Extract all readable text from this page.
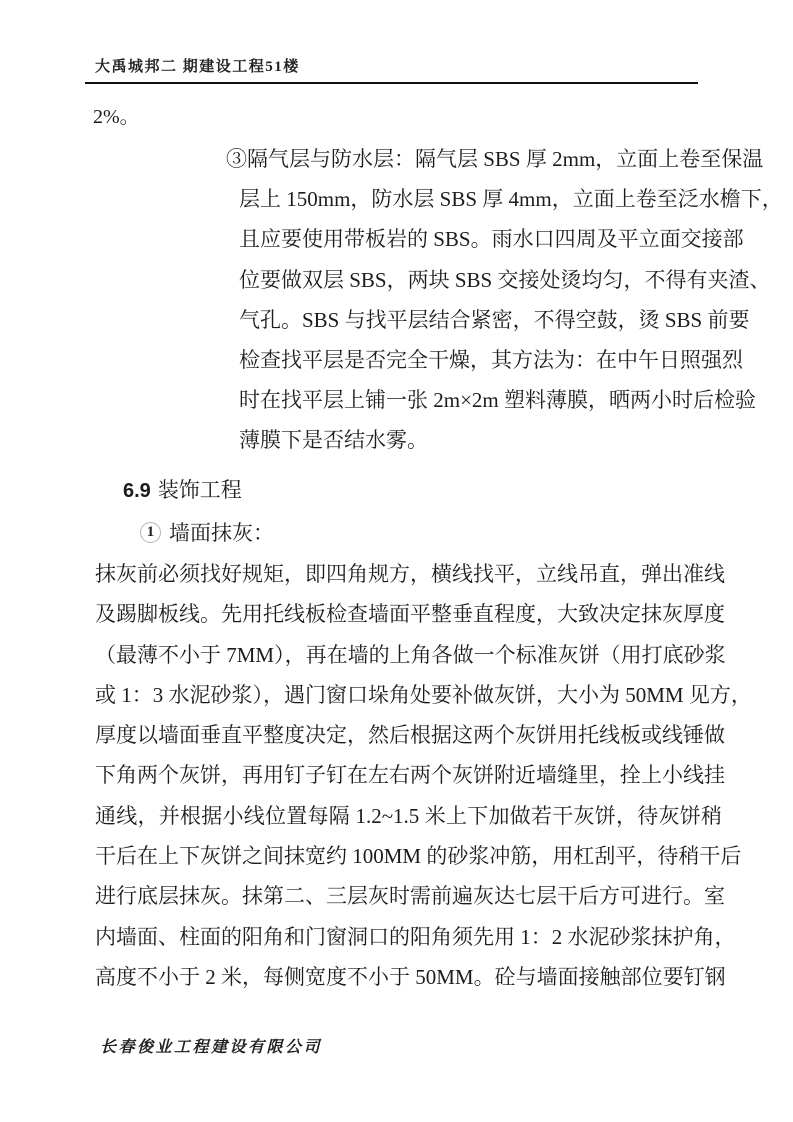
大禹城邦二 期建设工程51楼
2%。
③隔气层与防水层：隔气层 SBS 厚 2mm，立面上卷至保温
层上 150mm，防水层 SBS 厚 4mm，立面上卷至泛水檐下，
且应要使用带板岩的 SBS。雨水口四周及平立面交接部
位要做双层 SBS，两块 SBS 交接处烫均匀，不得有夹渣、
气孔。SBS 与找平层结合紧密，不得空鼓，烫 SBS 前要
检查找平层是否完全干燥，其方法为：在中午日照强烈
时在找平层上铺一张 2m×2m 塑料薄膜，晒两小时后检验
薄膜下是否结水雾。
6.9 装饰工程
1 墙面抹灰：
抹灰前必须找好规矩，即四角规方，横线找平，立线吊直，弹出准线
及踢脚板线。先用托线板检查墙面平整垂直程度，大致决定抹灰厚度
（最薄不小于 7MM），再在墙的上角各做一个标准灰饼（用打底砂浆
或 1：3 水泥砂浆），遇门窗口垛角处要补做灰饼，大小为 50MM 见方，
厚度以墙面垂直平整度决定，然后根据这两个灰饼用托线板或线锤做
下角两个灰饼，再用钉子钉在左右两个灰饼附近墙缝里，拴上小线挂
通线，并根据小线位置每隔 1.2~1.5 米上下加做若干灰饼，待灰饼稍
干后在上下灰饼之间抹宽约 100MM 的砂浆冲筋，用杠刮平，待稍干后
进行底层抹灰。抹第二、三层灰时需前遍灰达七层干后方可进行。室
内墙面、柱面的阳角和门窗洞口的阳角须先用 1：2 水泥砂浆抹护角，
高度不小于 2 米，每侧宽度不小于 50MM。砼与墙面接触部位要钉钢
长春俊业工程建设有限公司
